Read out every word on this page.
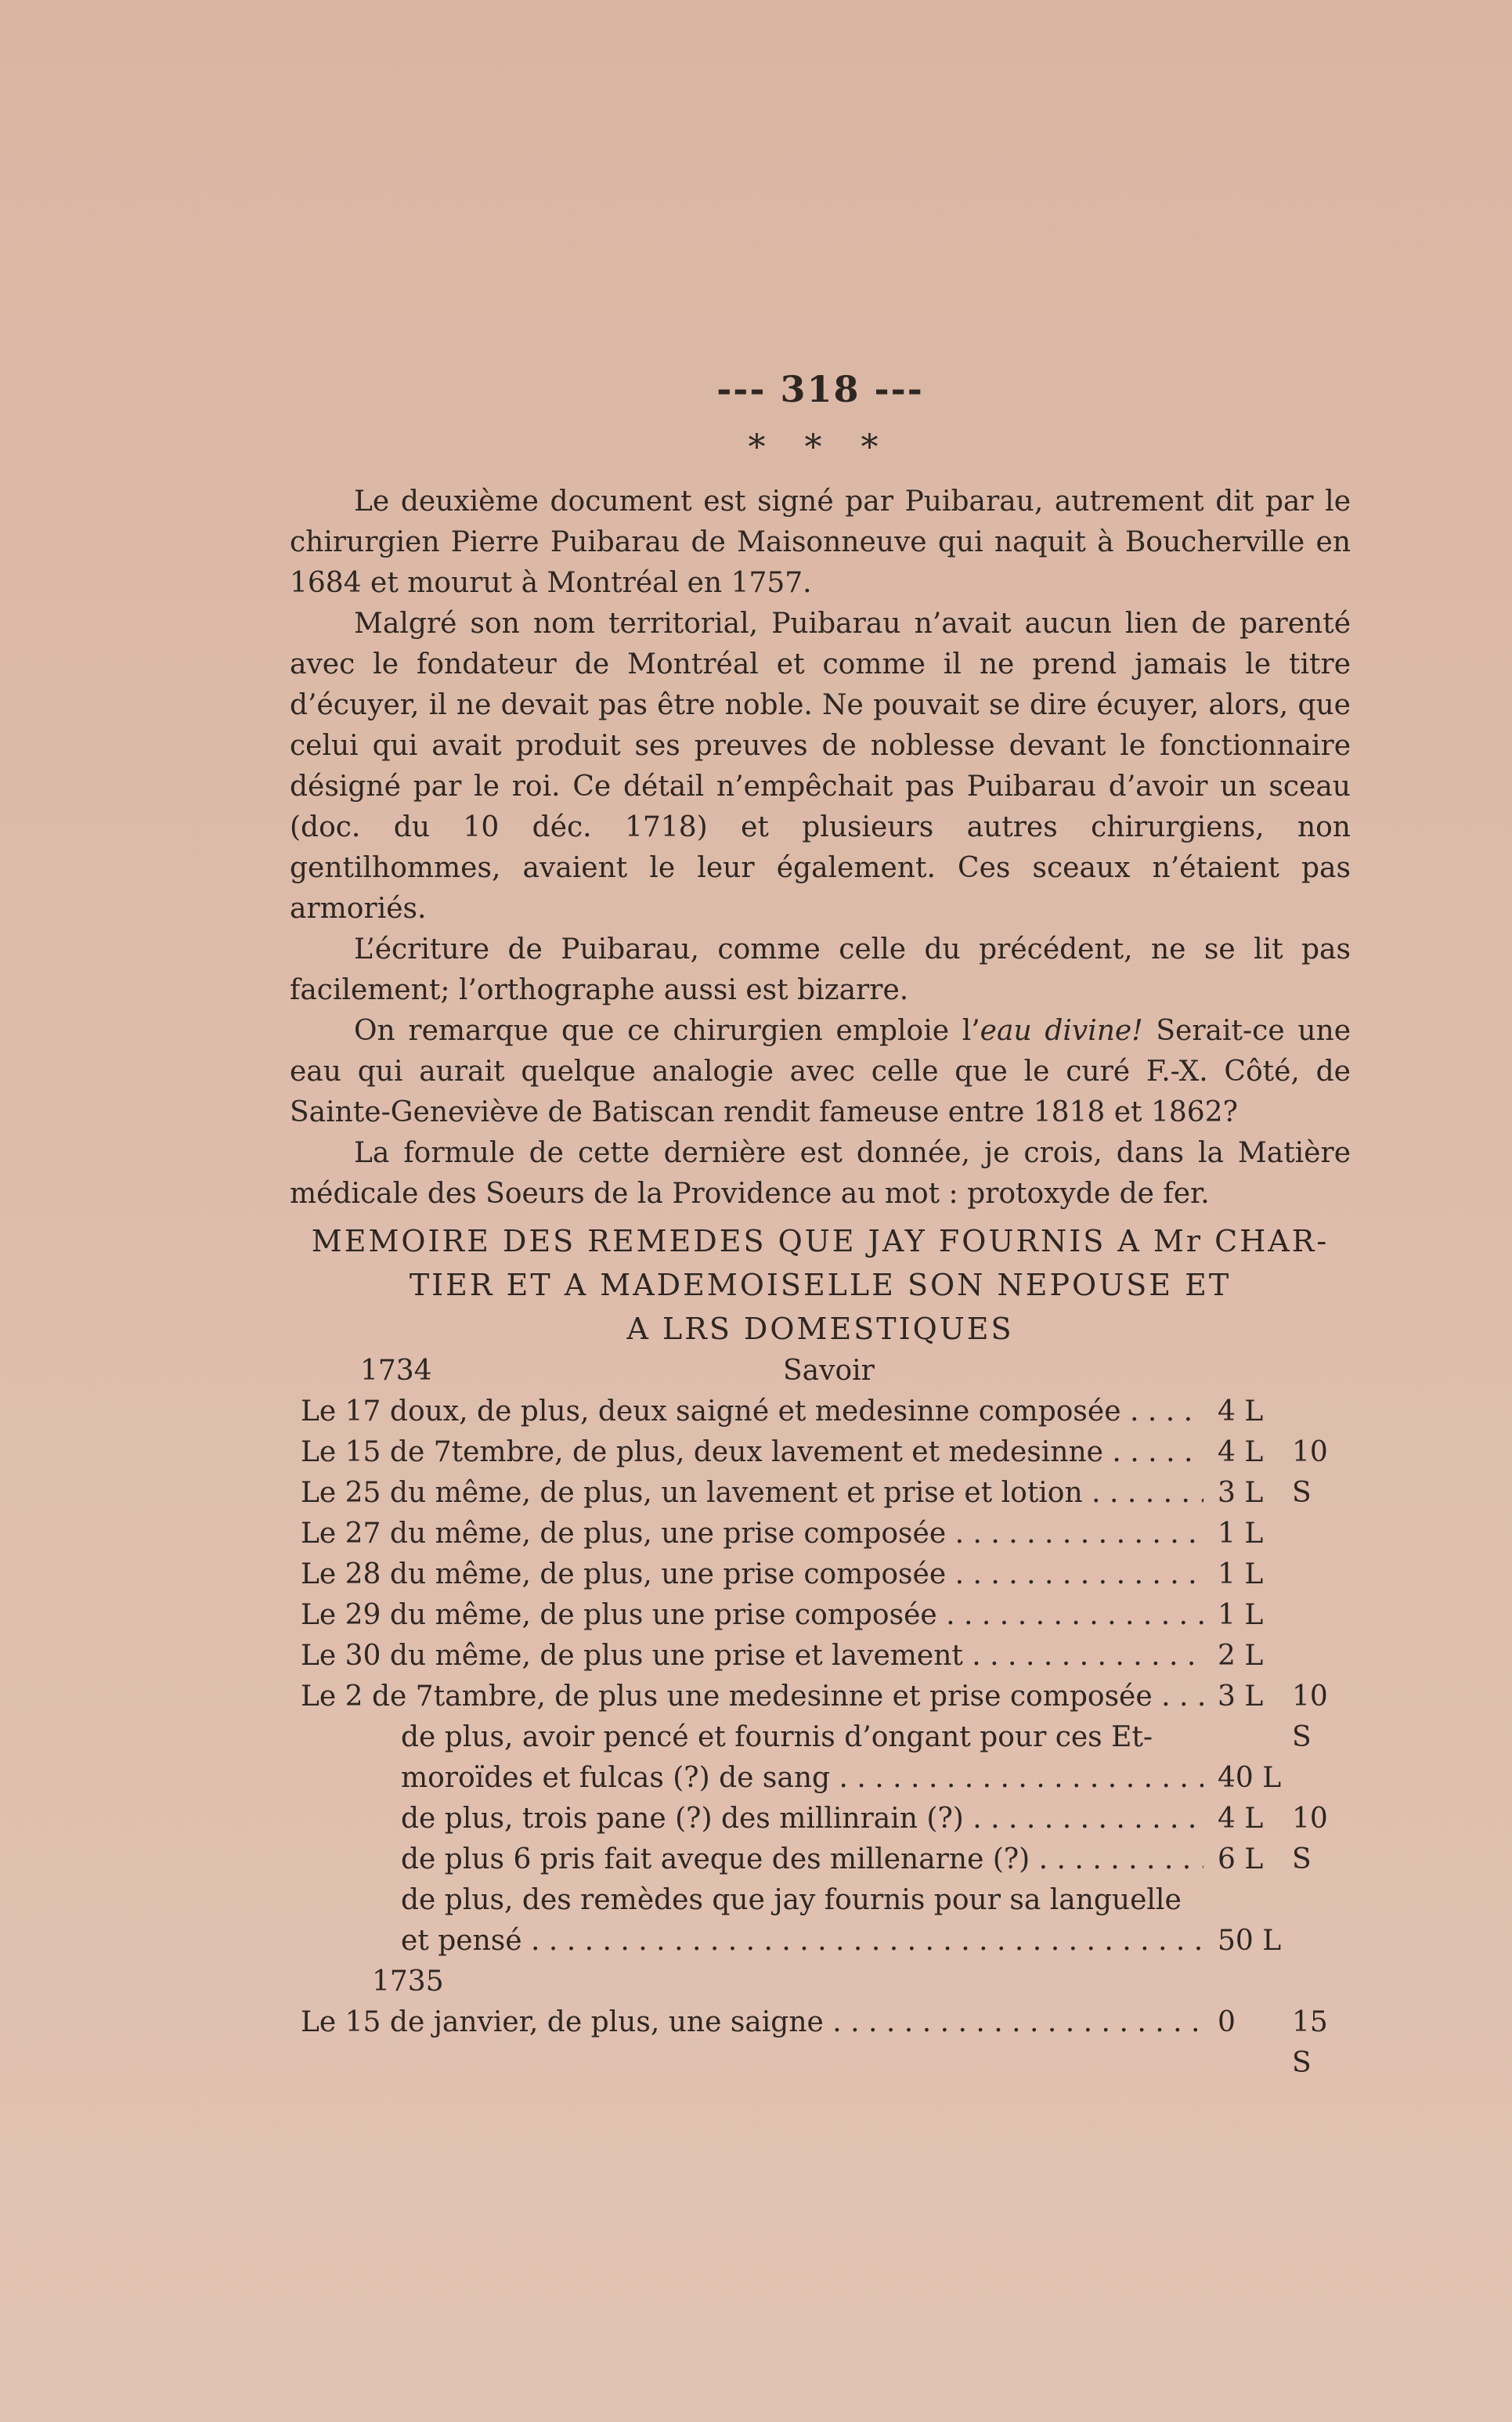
--- 318 ---
* * *

Le deuxième document est signé par Puibarau, autrement dit par le chirurgien Pierre Puibarau de Maisonneuve qui naquit à Boucherville en 1684 et mourut à Montréal en 1757.

Malgré son nom territorial, Puibarau n’avait aucun lien de parenté avec le fondateur de Montréal et comme il ne prend jamais le titre d’écuyer, il ne devait pas être noble. Ne pouvait se dire écuyer, alors, que celui qui avait produit ses preuves de noblesse devant le fonctionnaire désigné par le roi. Ce détail n’empêchait pas Puibarau d’avoir un sceau (doc. du 10 déc. 1718) et plusieurs autres chirurgiens, non gentilhommes, avaient le leur également. Ces sceaux n’étaient pas armoriés.

L’écriture de Puibarau, comme celle du précédent, ne se lit pas facilement; l’orthographe aussi est bizarre.

On remarque que ce chirurgien emploie l’eau divine! Serait-ce une eau qui aurait quelque analogie avec celle que le curé F.-X. Côté, de Sainte-Geneviève de Batiscan rendit fameuse entre 1818 et 1862?

La formule de cette dernière est donnée, je crois, dans la Matière médicale des Soeurs de la Providence au mot : protoxyde de fer.

MEMOIRE DES REMEDES QUE JAY FOURNIS A Mr CHAR-
TIER ET A MADEMOISELLE SON NEPOUSE ET
A LRS DOMESTIQUES
1734	Savoir
Le 17 doux, de plus, deux saigné et medesinne composée . . .	4 L
Le 15 de 7tembre, de plus, deux lavement et medesinne . . .	4 L 10 S
Le 25 du même, de plus, un lavement et prise et lotion . . .	3 L
Le 27 du même, de plus, une prise composée . . .	1 L
Le 28 du même, de plus, une prise composée . . .	1 L
Le 29 du même, de plus une prise composée . . .	1 L
Le 30 du même, de plus une prise et lavement . . .	2 L
Le 2 de 7tambre, de plus une medesinne et prise composée . . .	3 L 10 S
de plus, avoir pencé et fournis d’ongant pour ces Et-
moroïdes et fulcas (?) de sang . . .	40 L
de plus, trois pane (?) des millinrain (?) . . .	4 L 10 S
de plus 6 pris fait aveque des millenarne (?) . . .	6 L
de plus, des remèdes que jay fournis pour sa languelle
et pensé . . .	50 L
1735
Le 15 de janvier, de plus, une saigne . . .	0 15 S
